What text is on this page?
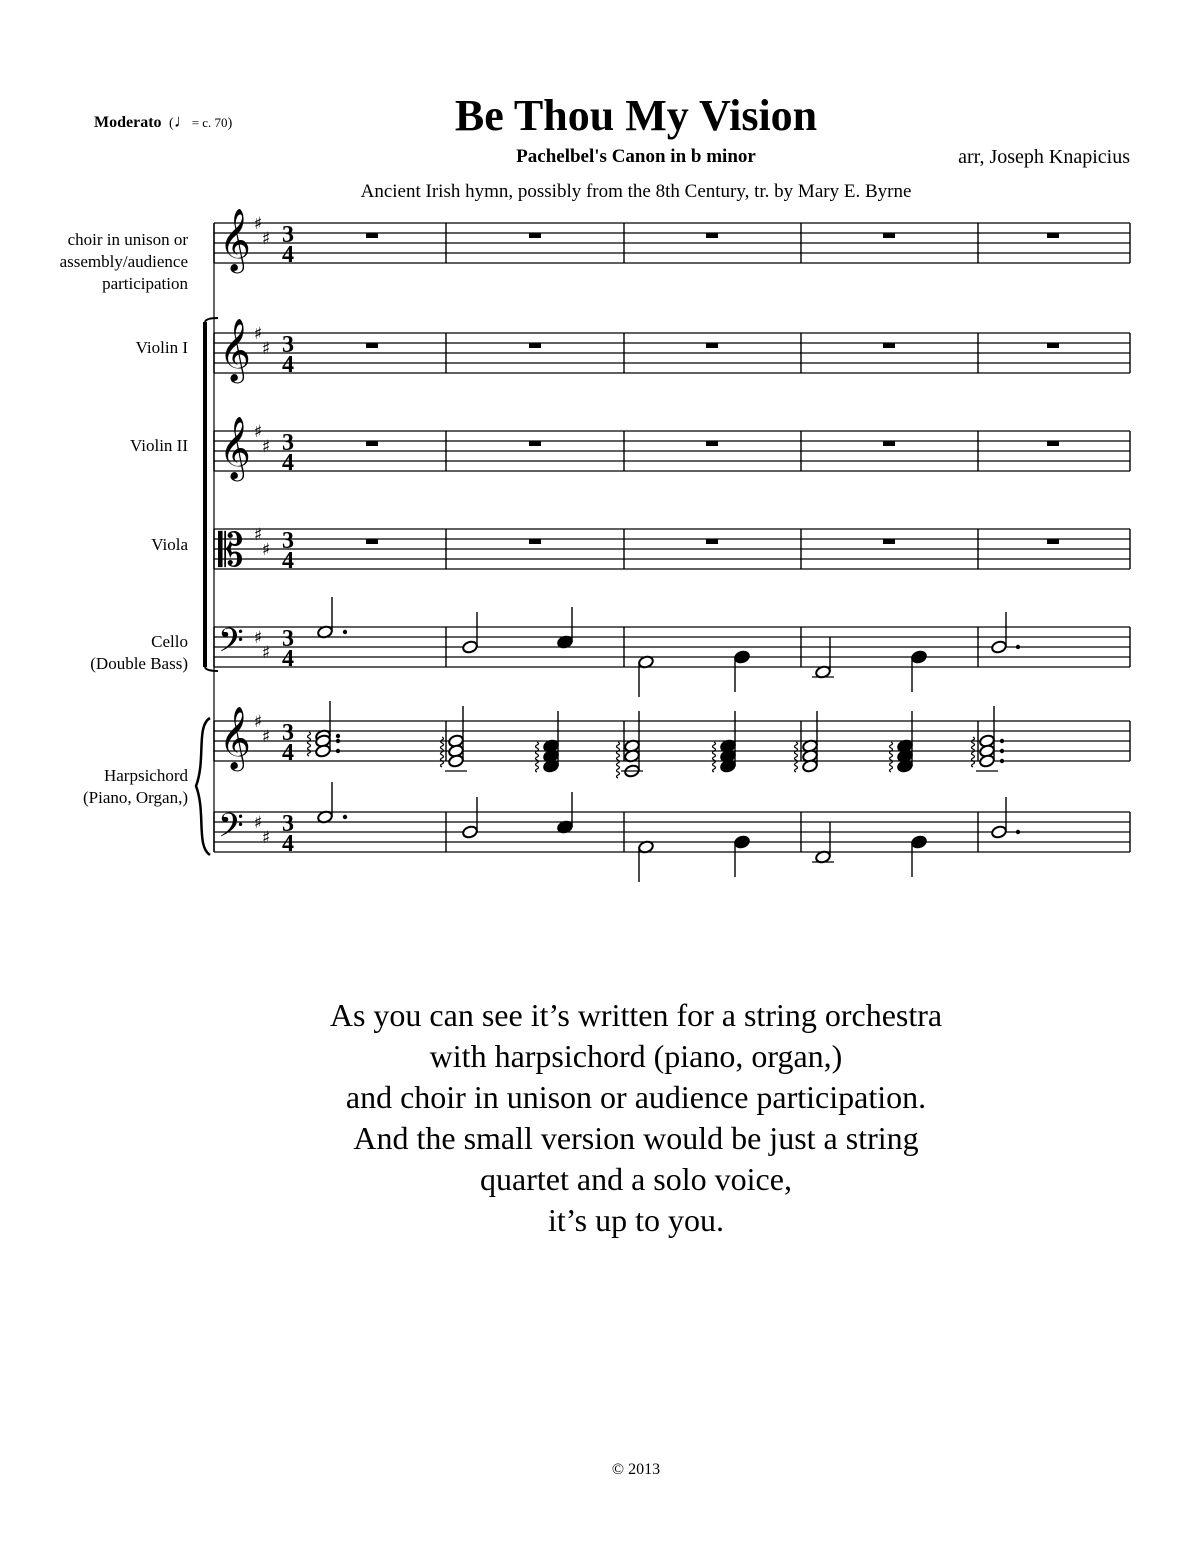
Moderato  (♩= c. 70)	Be Thou My Vision
Pachelbel's Canon in b minor	arr, Joseph Knapicius
Ancient Irish hymn, possibly from the 8th Century, tr. by Mary E. Byrne
choir in unison or
assembly/audience
participation
Violin I
Violin II
Viola
Cello
(Double Bass)
Harpsichord
(Piano, Organ,)
𝄞 ♯
♯ 3
4
𝄞 ♯
♯ 3
4
𝄞 ♯
♯ 3
4
𝄡 ♯
♯ 3
4
𝄢 ♯
♯
3
4
𝄞 ♯
♯ 3
4
𝄢 ♯
♯
3
4
As you can see it’s written for a string orchestra
with harpsichord (piano, organ,)
and choir in unison or audience participation.
And the small version would be just a string
quartet and a solo voice,
it’s up to you.
© 2013
